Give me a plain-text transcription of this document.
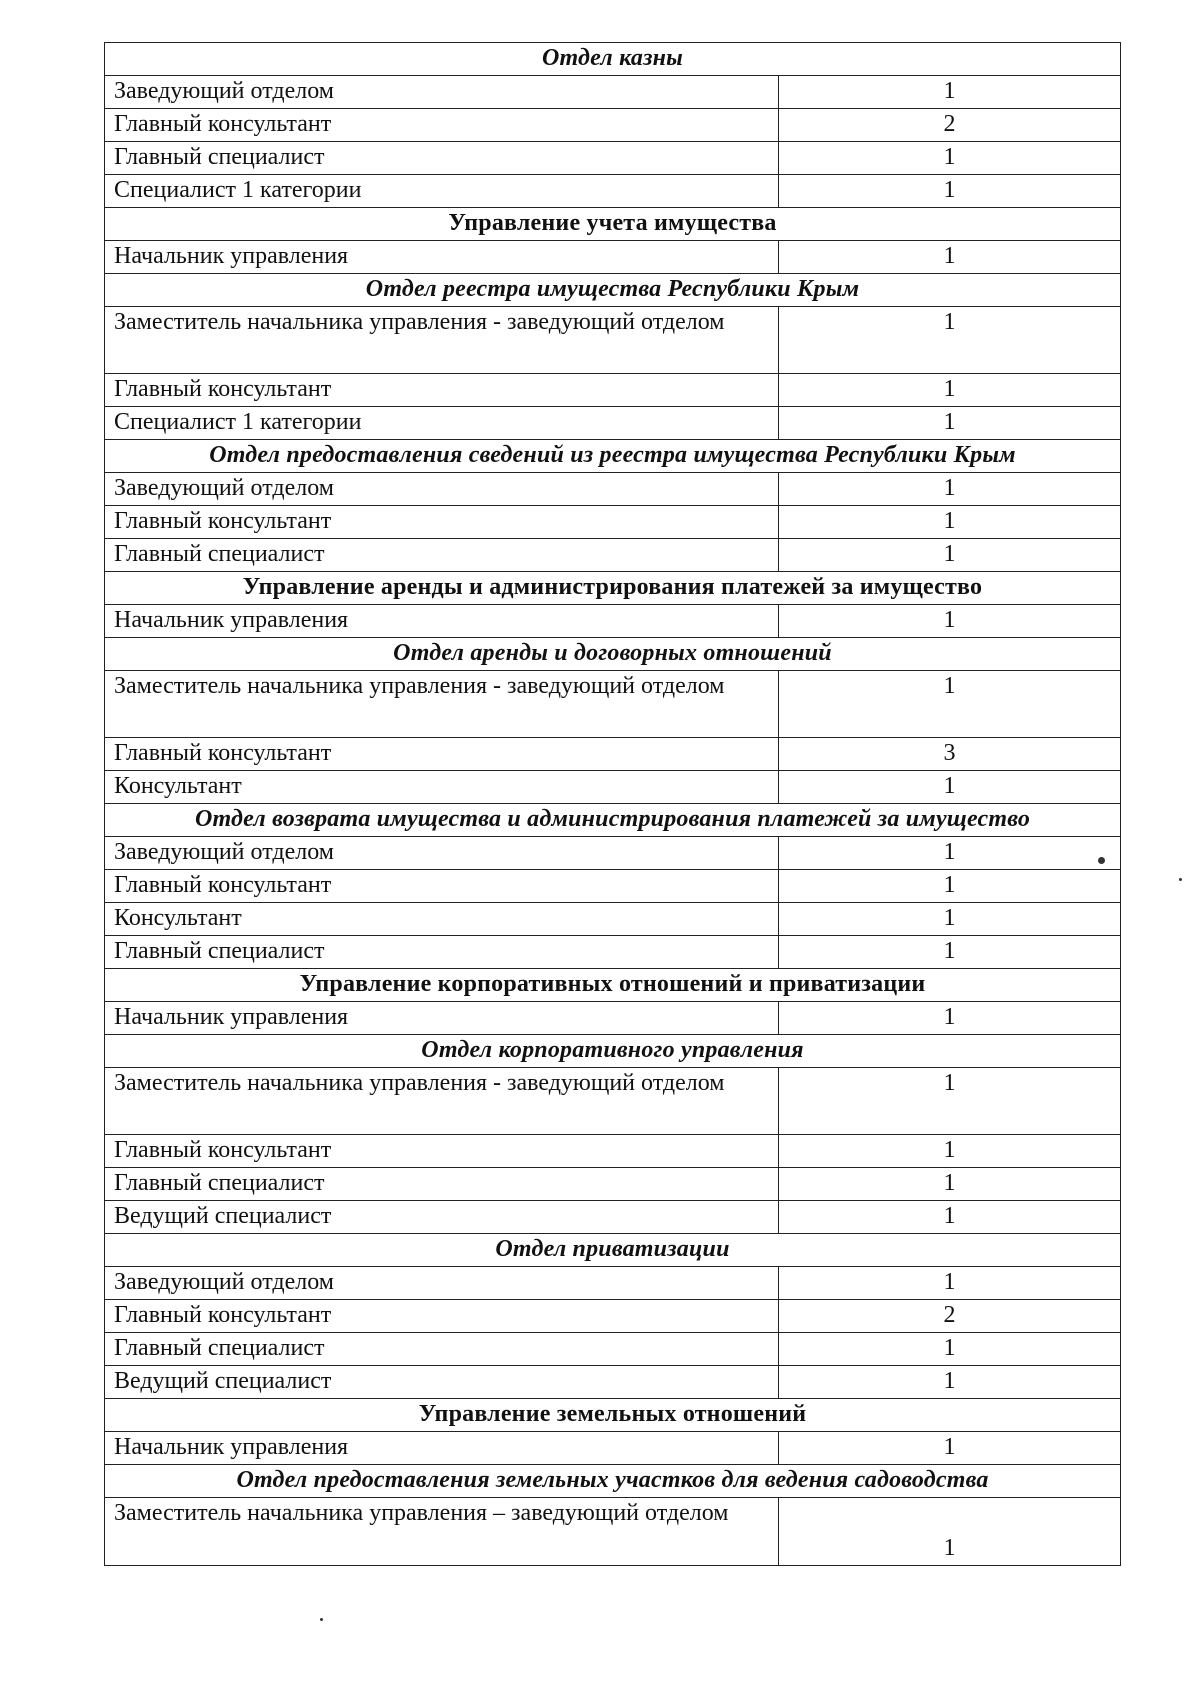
Отдел казны	
Заведующий отделом	1
Главный консультант	2
Главный специалист	1
Специалист 1 категории	1
Управление учета имущества	
Начальник управления	1
Отдел реестра имущества Республики Крым	
Заместитель начальника управления - заведующий отделом	1
Главный консультант	1
Специалист 1 категории	1
Отдел предоставления сведений из реестра имущества Республики Крым	
Заведующий отделом	1
Главный консультант	1
Главный специалист	1
Управление аренды и администрирования платежей за имущество	
Начальник управления	1
Отдел аренды и договорных отношений	
Заместитель начальника управления - заведующий отделом	1
Главный консультант	3
Консультант	1
Отдел возврата имущества и администрирования платежей за имущество	
Заведующий отделом	1
Главный консультант	1
Консультант	1
Главный специалист	1
Управление корпоративных отношений и приватизации	
Начальник управления	1
Отдел корпоративного управления	
Заместитель начальника управления - заведующий отделом	1
Главный консультант	1
Главный специалист	1
Ведущий специалист	1
Отдел приватизации	
Заведующий отделом	1
Главный консультант	2
Главный специалист	1
Ведущий специалист	1
Управление земельных отношений	
Начальник управления	1
Отдел предоставления земельных участков для ведения садоводства	
Заместитель начальника управления – заведующий отделом	1
